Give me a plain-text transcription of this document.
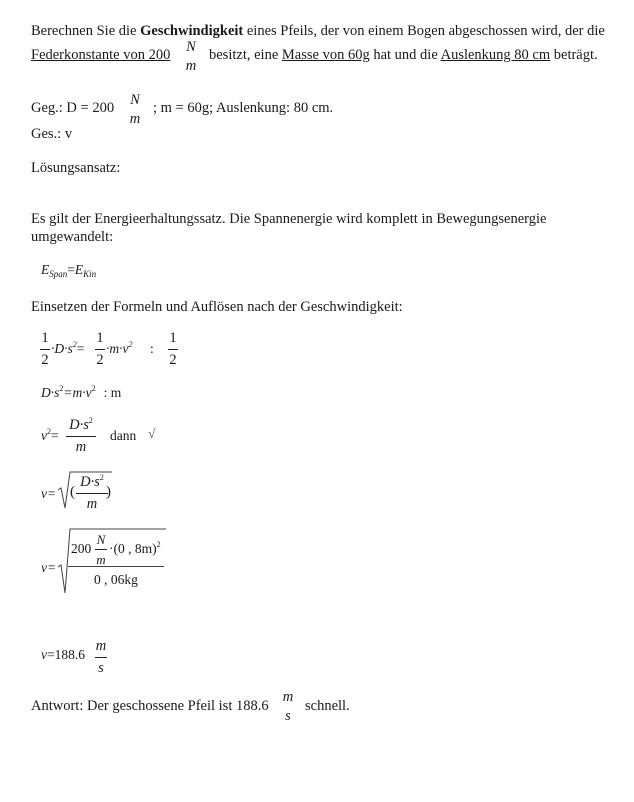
Berechnen Sie die Geschwindigkeit eines Pfeils, der von einem Bogen abgeschossen wird, der die
Federkonstante von 200 N
m
besitzt, eine Masse von 60g hat und die Auslenkung 80 cm beträgt.
Geg.: D = 200 N
m
; m = 60g; Auslenkung: 80 cm.
Ges.: v
Lösungsansatz:
Es gilt der Energieerhaltungssatz. Die Spannenergie wird komplett in Bewegungsenergie
umgewandelt:
$E_{Span}=E_{Kin}$
Einsetzen der Formeln und Auflösen nach der Geschwindigkeit:
1
2
$\cdot D\cdot s^2=$
1
2
$\cdot m\cdot v^2$ :
1
2
$D\cdot s^2=m\cdot v^2$ : m
$v^2=$
$D\cdot s^2$
m
dann √
v= (
$D\cdot s^2$
m
)
v=
200
N
m
·(0 , 8m)$^2$
0 , 06kg
v=188.6
m
s
Antwort: Der geschossene Pfeil ist 188.6
m
s
schnell.
